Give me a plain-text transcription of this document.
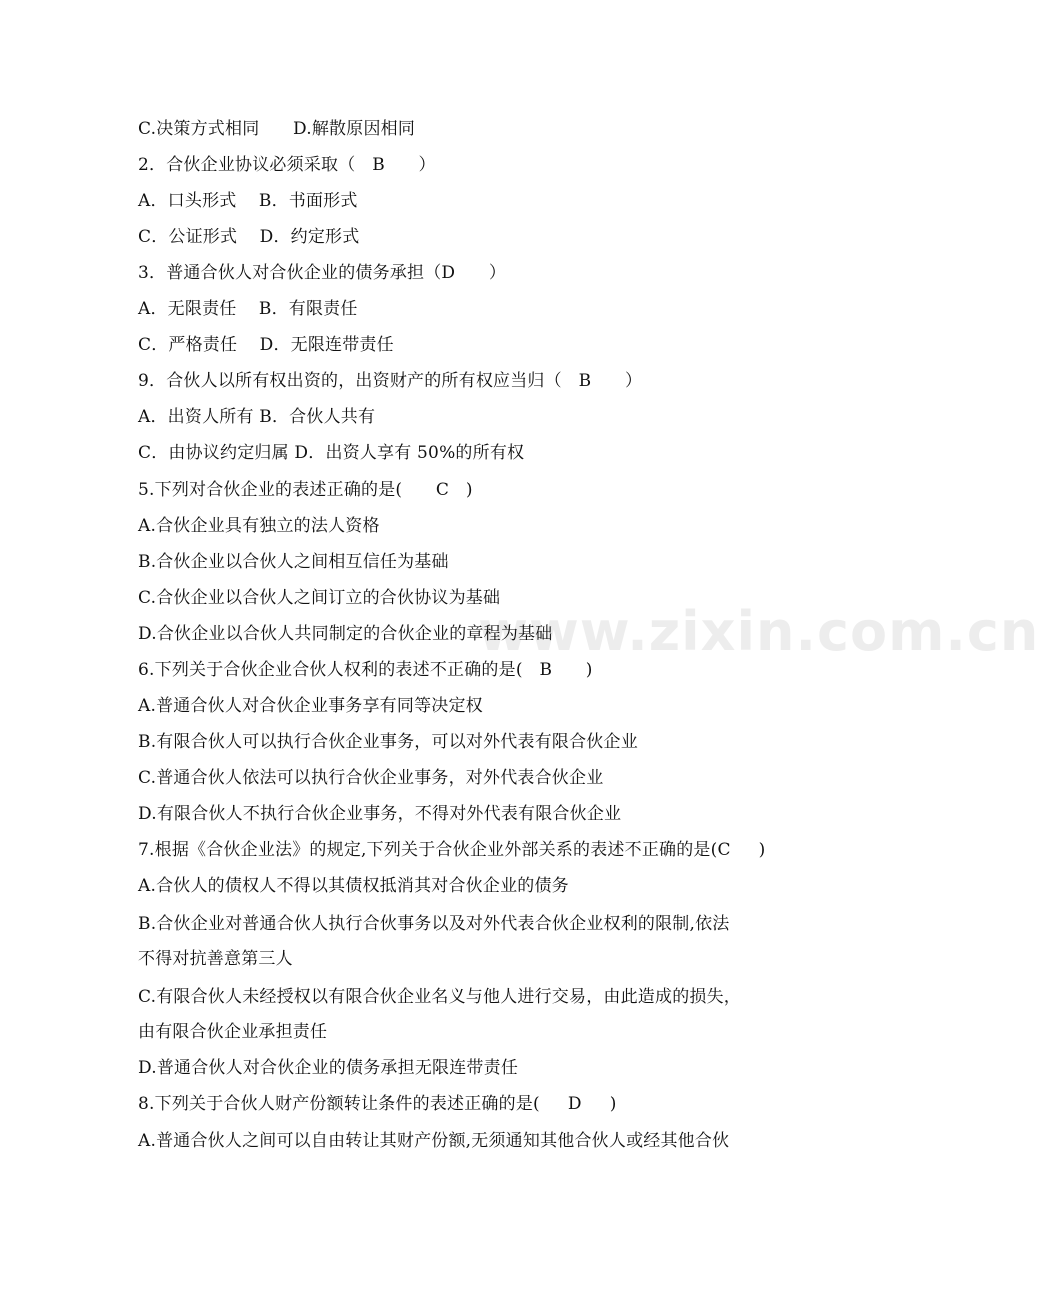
www.zixin.com.cn
C.决策方式相同      D.解散原因相同
2．合伙企业协议必须采取（   B      ）
A．口头形式    B．书面形式
C．公证形式    D．约定形式
3．普通合伙人对合伙企业的债务承担（D      ）
A．无限责任    B．有限责任
C．严格责任    D．无限连带责任
9．合伙人以所有权出资的，出资财产的所有权应当归（   B      ）
A．出资人所有 B．合伙人共有
C．由协议约定归属 D．出资人享有 50%的所有权
5.下列对合伙企业的表述正确的是(      C   )
A.合伙企业具有独立的法人资格
B.合伙企业以合伙人之间相互信任为基础
C.合伙企业以合伙人之间订立的合伙协议为基础
D.合伙企业以合伙人共同制定的合伙企业的章程为基础
6.下列关于合伙企业合伙人权利的表述不正确的是(   B      )
A.普通合伙人对合伙企业事务享有同等决定权
B.有限合伙人可以执行合伙企业事务，可以对外代表有限合伙企业
C.普通合伙人依法可以执行合伙企业事务，对外代表合伙企业
D.有限合伙人不执行合伙企业事务，不得对外代表有限合伙企业
7.根据《合伙企业法》的规定,下列关于合伙企业外部关系的表述不正确的是(C     )
A.合伙人的债权人不得以其债权抵消其对合伙企业的债务
B.合伙企业对普通合伙人执行合伙事务以及对外代表合伙企业权利的限制,依法
不得对抗善意第三人
C.有限合伙人未经授权以有限合伙企业名义与他人进行交易，由此造成的损失，
由有限合伙企业承担责任
D.普通合伙人对合伙企业的债务承担无限连带责任
8.下列关于合伙人财产份额转让条件的表述正确的是(     D     )
A.普通合伙人之间可以自由转让其财产份额,无须通知其他合伙人或经其他合伙
